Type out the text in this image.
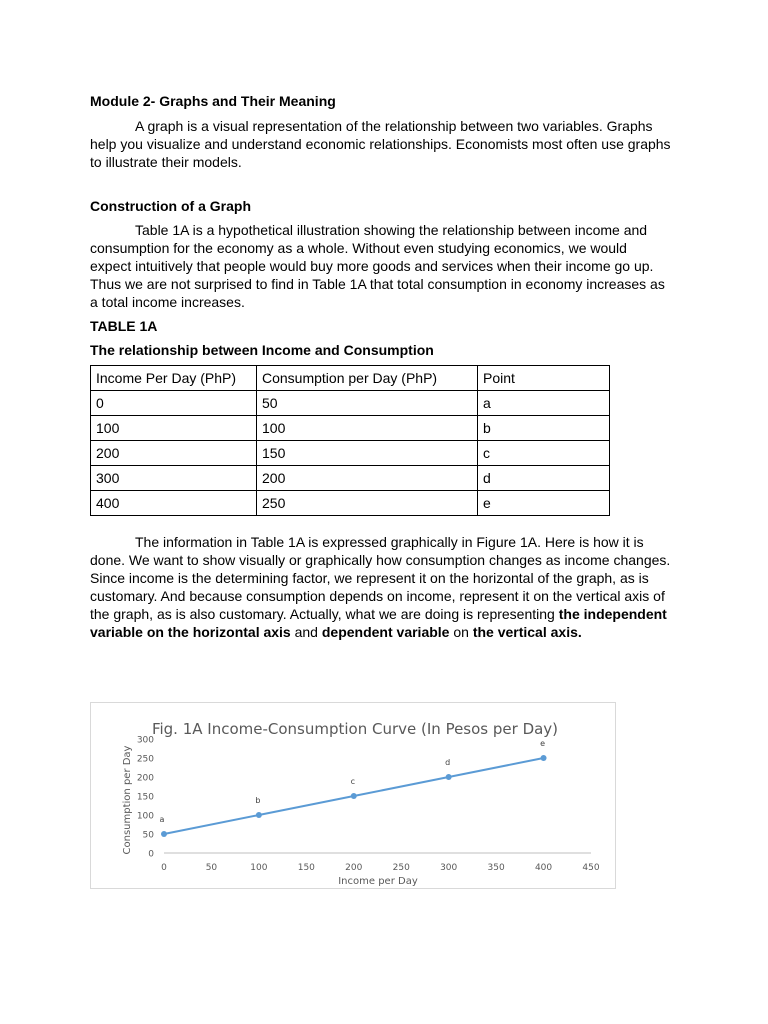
Module 2- Graphs and Their Meaning
A graph is a visual representation of the relationship between two variables. Graphs help you visualize and understand economic relationships. Economists most often use graphs to illustrate their models.
Construction of a Graph
Table 1A is a hypothetical illustration showing the relationship between income and consumption for the economy as a whole. Without even studying economics, we would expect intuitively that people would buy more goods and services when their income go up. Thus we are not surprised to find in Table 1A that total consumption in economy increases as a total income increases.
TABLE 1A
The relationship between Income and Consumption
Income Per Day (PhP)	Consumption per Day (PhP)	Point
0	50	a
100	100	b
200	150	c
300	200	d
400	250	e
The information in Table 1A is expressed graphically in Figure 1A. Here is how it is done. We want to show visually or graphically how consumption changes as income changes. Since income is the determining factor, we represent it on the horizontal of the graph, as is customary. And because consumption depends on income, represent it on the vertical axis of the graph, as is also customary. Actually, what we are doing is representing the independent variable on the horizontal axis and dependent variable on the vertical axis.
Fig. 1A Income-Consumption Curve (In Pesos per Day)
Consumption per Day
Income per Day
0
50
100
150
200
250
300
0	50	100	150	200	250	300	350	400	450
a
b
c
d
e
